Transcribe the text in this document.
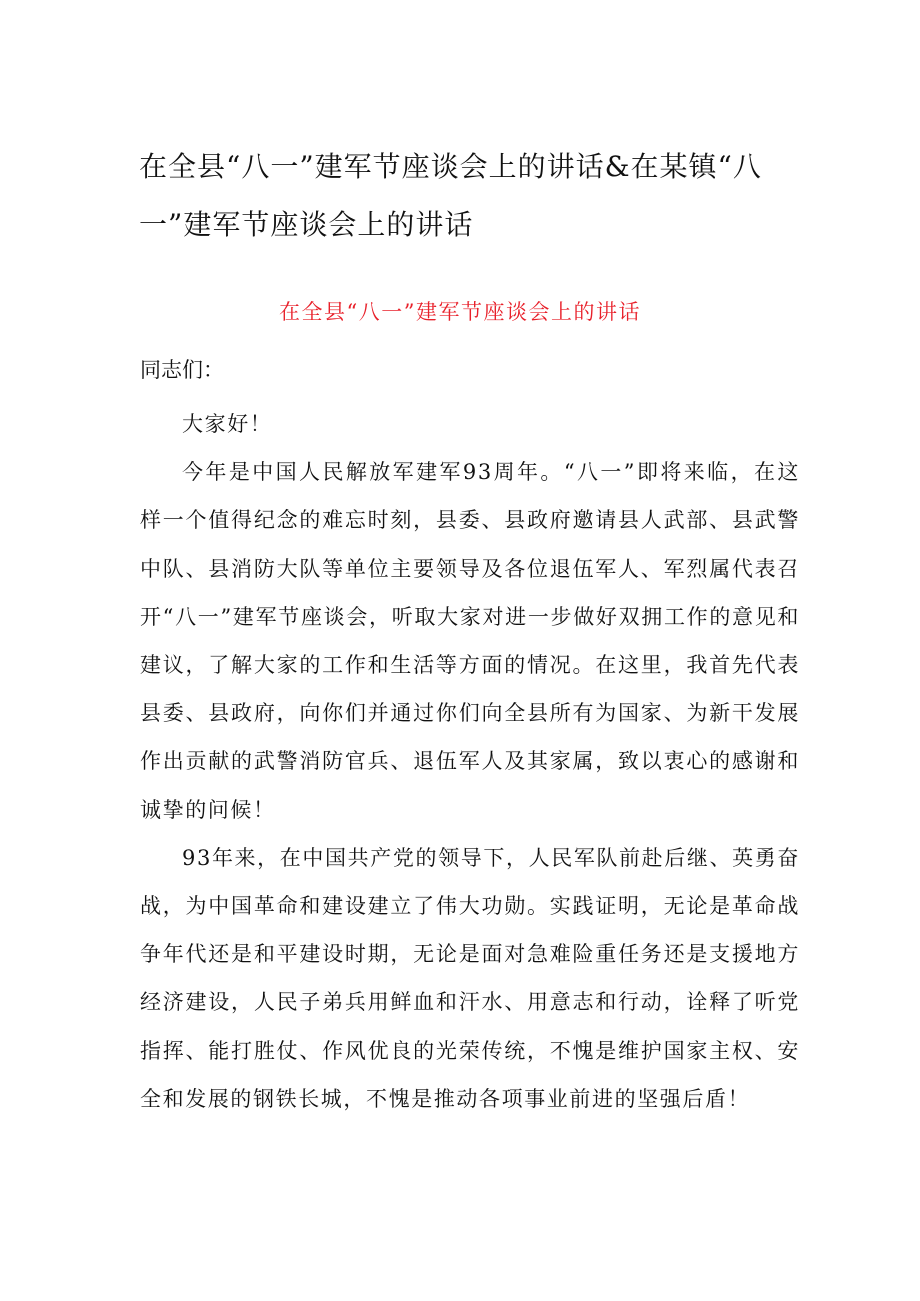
在全县“八一”建军节座谈会上的讲话&在某镇“八一”建军节座谈会上的讲话
在全县“八一”建军节座谈会上的讲话

同志们：

大家好！

今年是中国人民解放军建军93周年。“八一”即将来临，在这样一个值得纪念的难忘时刻，县委、县政府邀请县人武部、县武警中队、县消防大队等单位主要领导及各位退伍军人、军烈属代表召开“八一”建军节座谈会，听取大家对进一步做好双拥工作的意见和建议，了解大家的工作和生活等方面的情况。在这里，我首先代表县委、县政府，向你们并通过你们向全县所有为国家、为新干发展作出贡献的武警消防官兵、退伍军人及其家属，致以衷心的感谢和诚挚的问候！

93年来，在中国共产党的领导下，人民军队前赴后继、英勇奋战，为中国革命和建设建立了伟大功勋。实践证明，无论是革命战争年代还是和平建设时期，无论是面对急难险重任务还是支援地方经济建设，人民子弟兵用鲜血和汗水、用意志和行动，诠释了听党指挥、能打胜仗、作风优良的光荣传统，不愧是维护国家主权、安全和发展的钢铁长城，不愧是推动各项事业前进的坚强后盾！
